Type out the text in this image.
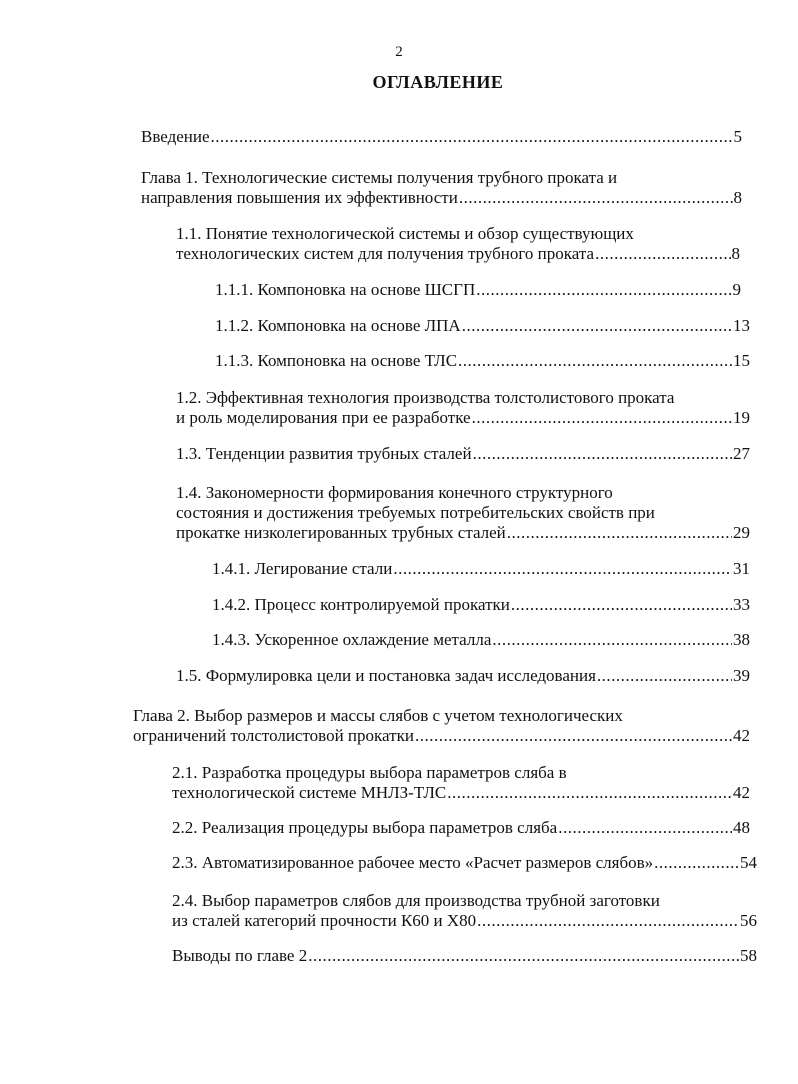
2
ОГЛАВЛЕНИЕ
Введение .....	5
Глава 1. Технологические системы получения трубного проката и
направления повышения их эффективности .....	8
1.1. Понятие технологической системы и обзор существующих
технологических систем для получения трубного проката .....	8
1.1.1. Компоновка на основе ШСГП .....	9
1.1.2. Компоновка на основе ЛПА .....	13
1.1.3. Компоновка на основе ТЛС .....	15
1.2. Эффективная технология производства толстолистового проката
и роль моделирования при ее разработке .....	19
1.3. Тенденции развития трубных сталей .....	27
1.4. Закономерности формирования конечного структурного
состояния и достижения требуемых потребительских свойств при
прокатке низколегированных трубных сталей .....	29
1.4.1. Легирование стали .....	31
1.4.2. Процесс контролируемой прокатки .....	33
1.4.3. Ускоренное охлаждение металла .....	38
1.5. Формулировка цели и постановка задач исследования .....	39
Глава 2. Выбор размеров и массы слябов с учетом технологических
ограничений толстолистовой прокатки .....	42
2.1. Разработка процедуры выбора параметров сляба в
технологической системе МНЛЗ-ТЛС .....	42
2.2. Реализация процедуры выбора параметров сляба .....	48
2.3. Автоматизированное рабочее место «Расчет размеров слябов» .....	54
2.4. Выбор параметров слябов для производства трубной заготовки
из сталей категорий прочности К60 и Х80 .....	56
Выводы по главе 2 .....	58
